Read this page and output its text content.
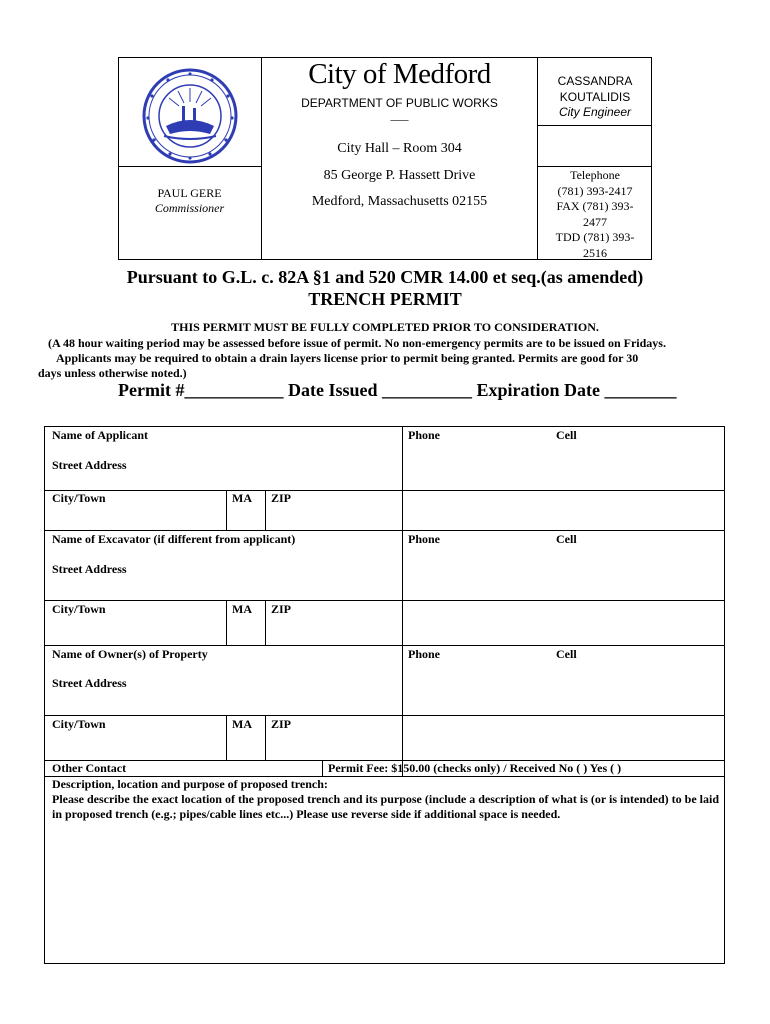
City of Medford
DEPARTMENT OF PUBLIC WORKS
___
City Hall – Room 304
85 George P. Hassett Drive
Medford, Massachusetts 02155
CASSANDRA
KOUTALIDIS
City Engineer
Telephone
(781) 393-2417
FAX (781) 393-
2477
TDD (781) 393-
2516
PAUL GERE
Commissioner
Pursuant to G.L. c. 82A §1 and 520 CMR 14.00 et seq.(as amended)
TRENCH PERMIT
THIS PERMIT MUST BE FULLY COMPLETED PRIOR TO CONSIDERATION.
(A 48 hour waiting period may be assessed before issue of permit. No non-emergency permits are to be issued on Fridays.
Applicants may be required to obtain a drain layers license prior to permit being granted. Permits are good for 30
days unless otherwise noted.)
Permit #___________ Date Issued __________ Expiration Date ________
Name of Applicant	Phone	Cell
Street Address
City/Town	MA ZIP
Name of Excavator (if different from applicant)	Phone	Cell
Street Address
City/Town	MA ZIP
Name of Owner(s) of Property	Phone	Cell
Street Address
City/Town	MA ZIP
Other Contact	Permit Fee: $150.00 (checks only) / Received No ( ) Yes ( )
Description, location and purpose of proposed trench:
Please describe the exact location of the proposed trench and its purpose (include a description of what is (or is intended) to be laid in proposed trench (e.g.; pipes/cable lines etc...) Please use reverse side if additional space is needed.
